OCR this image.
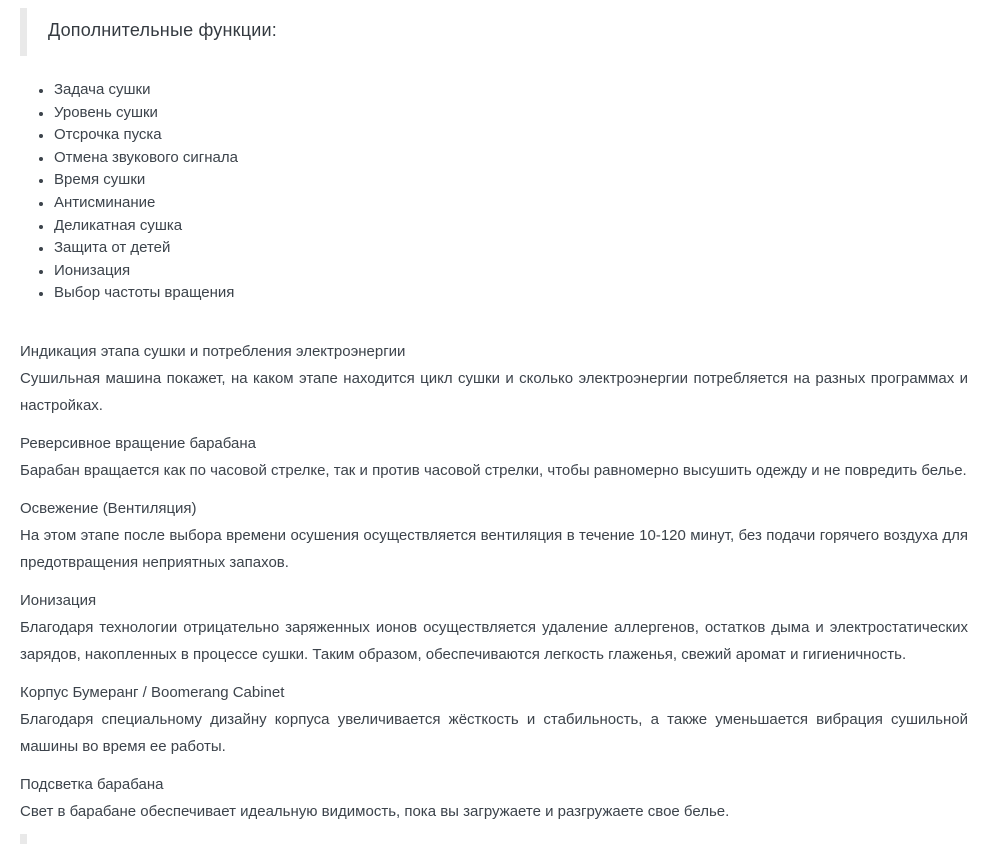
Дополнительные функции:
• Задача сушки
• Уровень сушки
• Отсрочка пуска
• Отмена звукового сигнала
• Время сушки
• Антисминание
• Деликатная сушка
• Защита от детей
• Ионизация
• Выбор частоты вращения
Индикация этапа сушки и потребления электроэнергии

Сушильная машина покажет, на каком этапе находится цикл сушки и сколько электроэнергии потребляется на разных программах и настройках.

Реверсивное вращение барабана

Барабан вращается как по часовой стрелке, так и против часовой стрелки, чтобы равномерно высушить одежду и не повредить белье.

Освежение (Вентиляция)

На этом этапе после выбора времени осушения осуществляется вентиляция в течение 10-120 минут, без подачи горячего воздуха для предотвращения неприятных запахов.

Ионизация

Благодаря технологии отрицательно заряженных ионов осуществляется удаление аллергенов, остатков дыма и электростатических зарядов, накопленных в процессе сушки. Таким образом, обеспечиваются легкость глаженья, свежий аромат и гигиеничность.

Корпус Бумеранг / Boomerang Cabinet

Благодаря специальному дизайну корпуса увеличивается жёсткость и стабильность, а также уменьшается вибрация сушильной машины во время ее работы.

Подсветка барабана

Свет в барабане обеспечивает идеальную видимость, пока вы загружаете и разгружаете свое белье.
